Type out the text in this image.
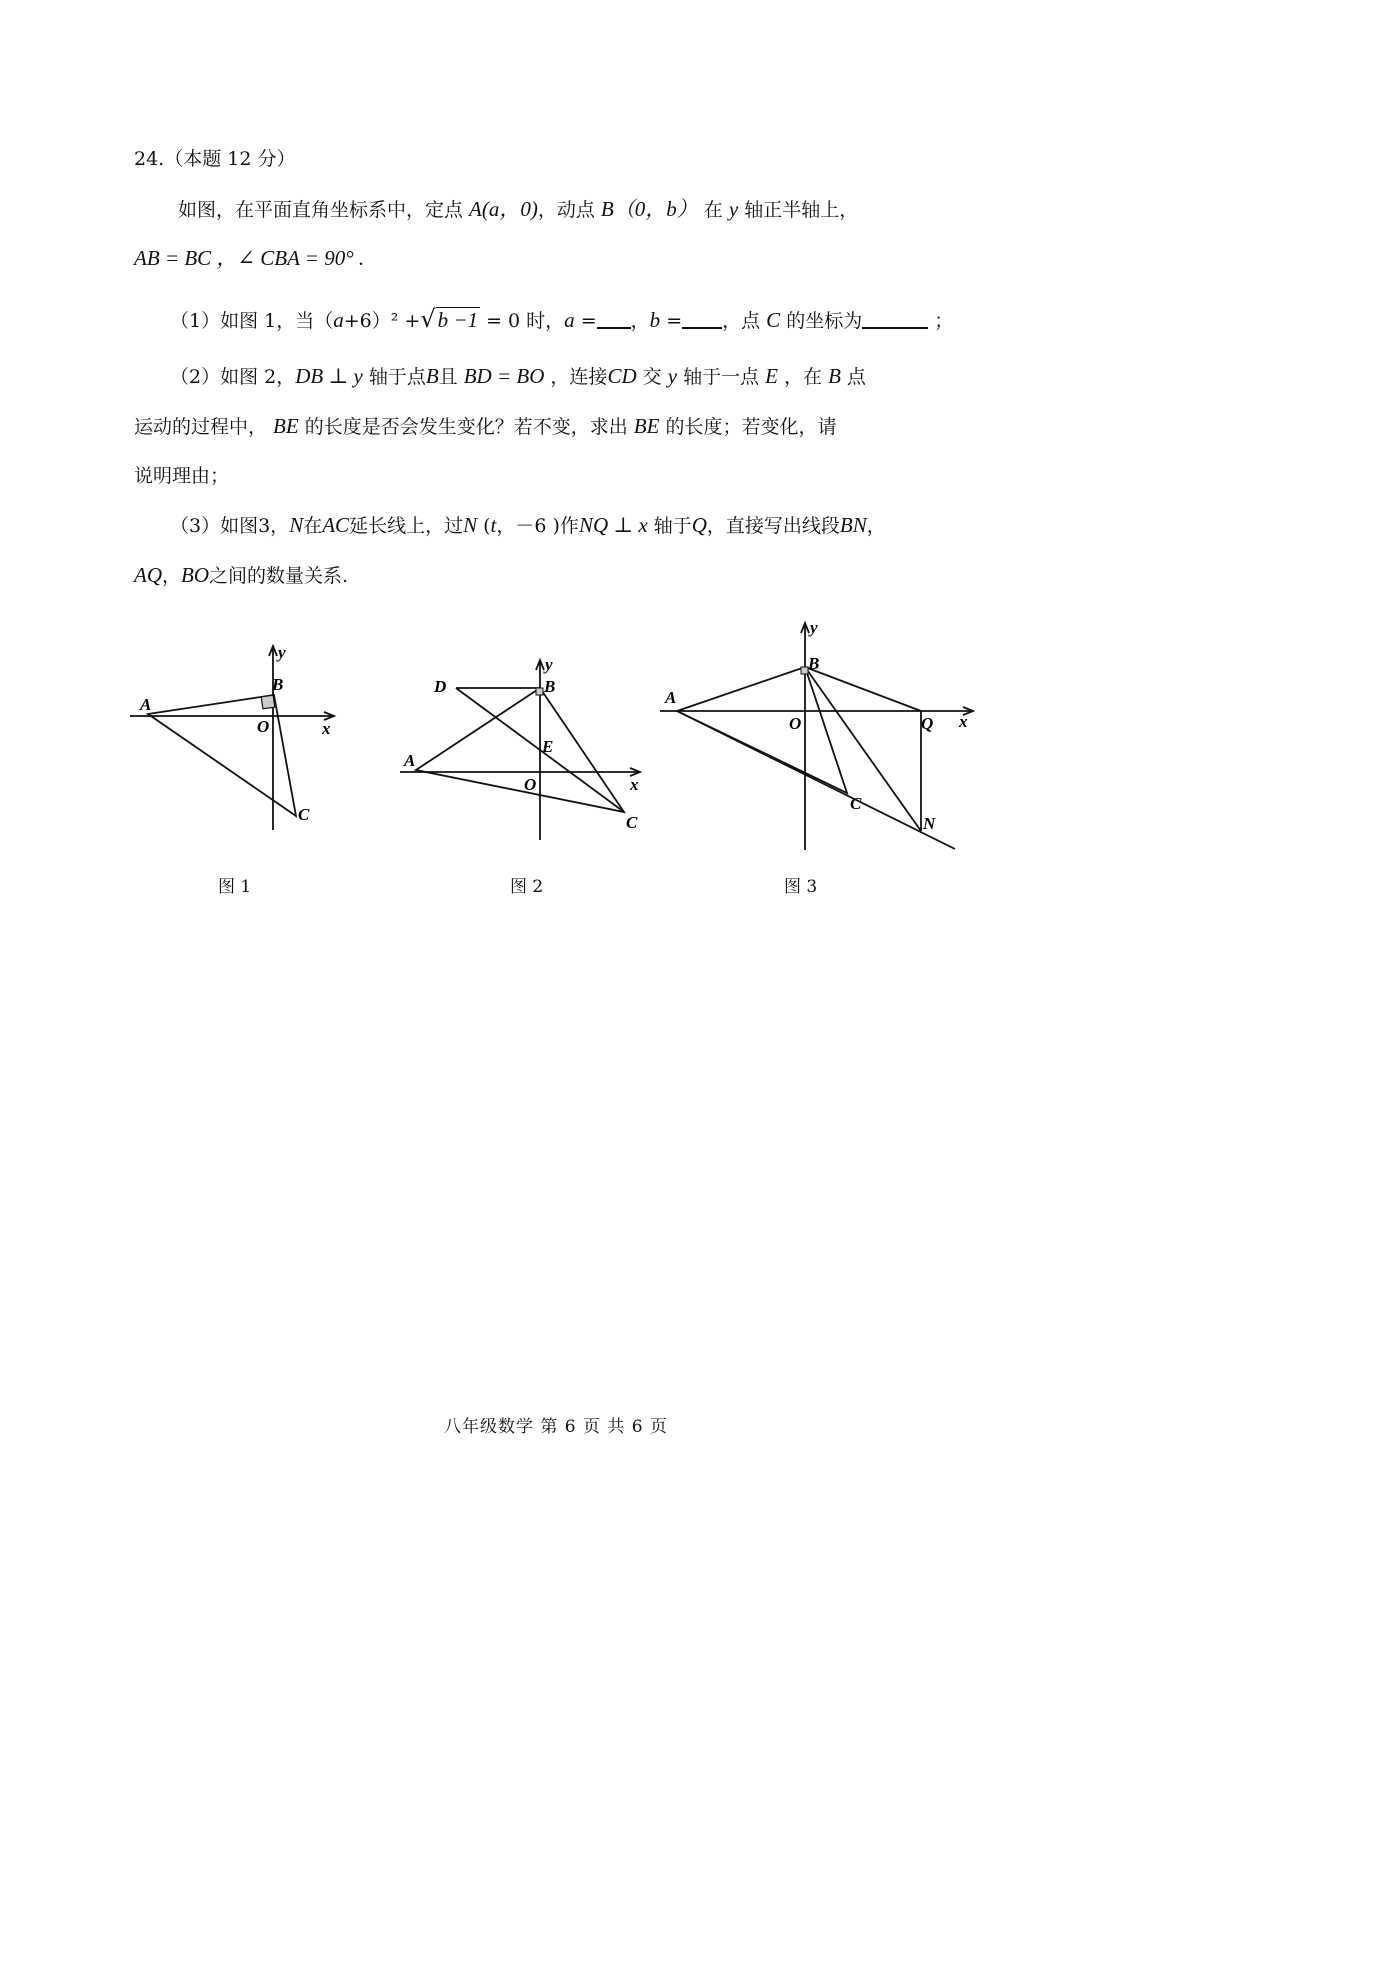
24.（本题 12 分）
如图，在平面直角坐标系中，定点 A(a，0)，动点 B（0，b） 在 y 轴正半轴上，
AB = BC ，∠ CBA = 90° .
（1）如图 1，当（a+6）² +√b −1 = 0 时，a = ，b = ，点 C 的坐标为	；
（2）如图 2，DB ⊥ y 轴于点B且 BD = BO ，连接CD 交 y 轴于一点 E ，在 B 点
运动的过程中， BE 的长度是否会发生变化？若不变，求出 BE 的长度；若变化，请
说明理由；
（3）如图3，N在AC延长线上，过N (t，－6 )作NQ ⊥ x 轴于Q，直接写出线段BN，
AQ，BO之间的数量关系.
A
B
O
C
x
y
图 1
D	B
E
A
O
C
x
y
图 2
A
B
O	Q
C
N
x
y
图 3
八年级数学 第 6 页 共 6 页
